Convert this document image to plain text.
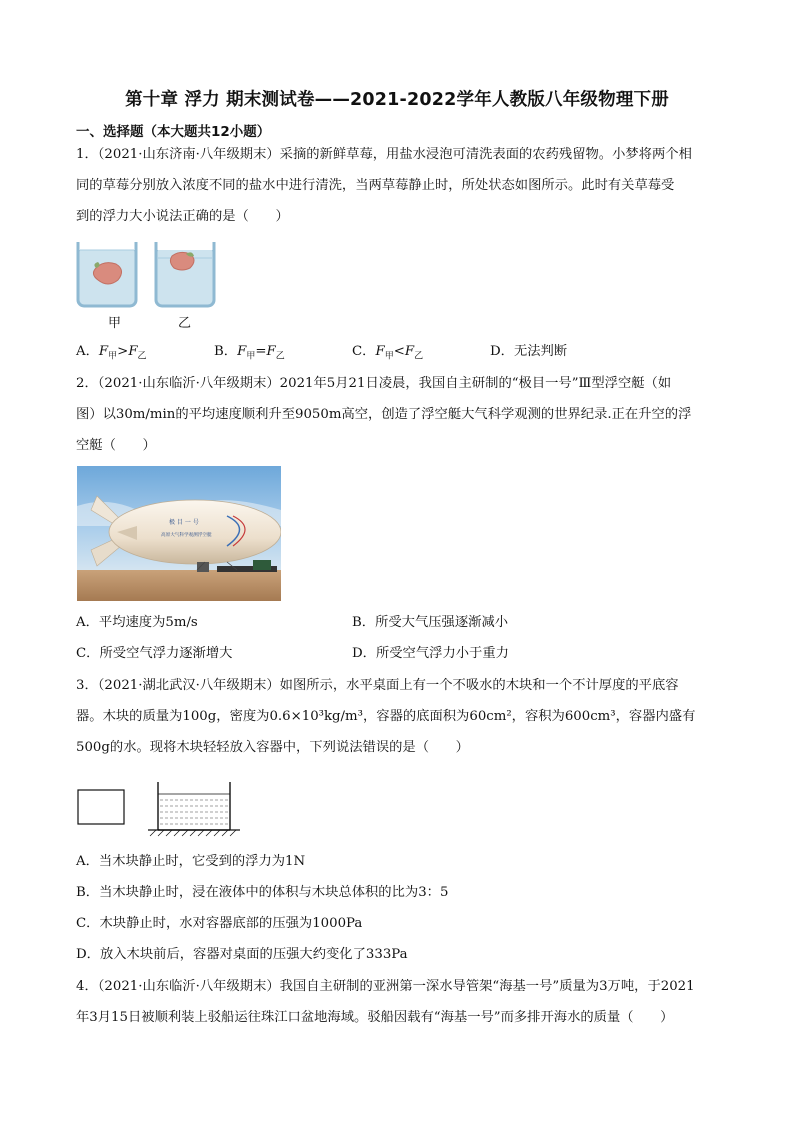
第十章 浮力 期末测试卷——2021-2022学年人教版八年级物理下册
一、选择题（本大题共12小题）
1．（2021·山东济南·八年级期末）采摘的新鲜草莓，用盐水浸泡可清洗表面的农药残留物。小梦将两个相
同的草莓分别放入浓度不同的盐水中进行清洗，当两草莓静止时，所处状态如图所示。此时有关草莓受
到的浮力大小说法正确的是（　　）
甲	乙
A．$F_甲>F_乙$	B．$F_甲=F_乙$	C．$F_甲<F_乙$	D．无法判断
2．（2021·山东临沂·八年级期末）2021年5月21日凌晨，我国自主研制的“极目一号”Ⅲ型浮空艇（如
图）以30m/min的平均速度顺利升至9050m高空，创造了浮空艇大气科学观测的世界纪录.正在升空的浮
空艇（　　）
极 目 一 号
高原大气科学观测浮空艇
A．平均速度为5m/s	B．所受大气压强逐渐减小
C．所受空气浮力逐渐增大	D．所受空气浮力小于重力
3．（2021·湖北武汉·八年级期末）如图所示，水平桌面上有一个不吸水的木块和一个不计厚度的平底容
器。木块的质量为100g，密度为0.6×10³kg/m³，容器的底面积为60cm²，容积为600cm³，容器内盛有
500g的水。现将木块轻轻放入容器中，下列说法错误的是（　　）
A．当木块静止时，它受到的浮力为1N
B．当木块静止时，浸在液体中的体积与木块总体积的比为3：5
C．木块静止时，水对容器底部的压强为1000Pa
D．放入木块前后，容器对桌面的压强大约变化了333Pa
4．（2021·山东临沂·八年级期末）我国自主研制的亚洲第一深水导管架“海基一号”质量为3万吨，于2021
年3月15日被顺利装上驳船运往珠江口盆地海域。驳船因载有“海基一号”而多排开海水的质量（　　）
